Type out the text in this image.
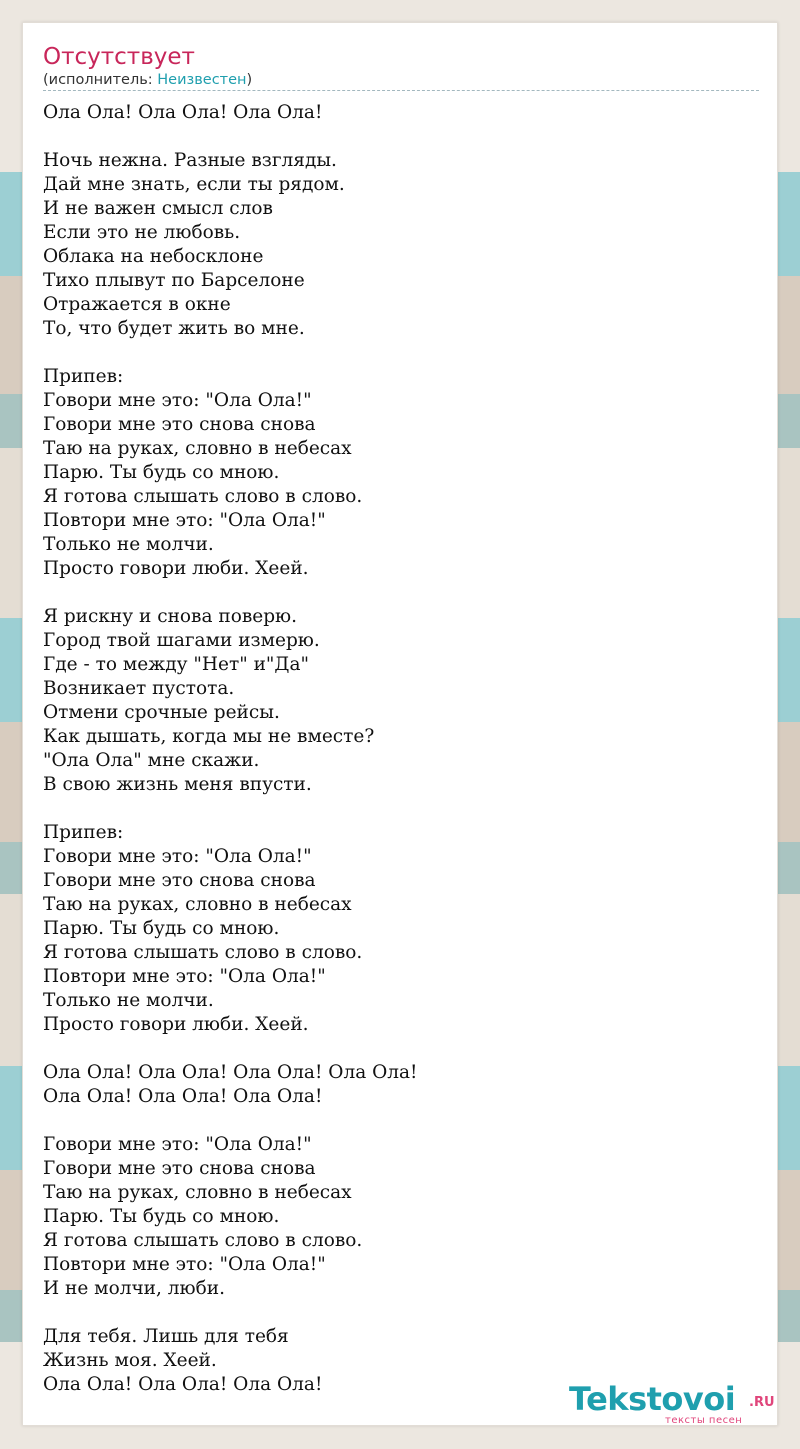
Отсутствует
(исполнитель: Неизвестен)
Ола Ола! Ола Ола! Ола Ола!

Ночь нежна. Разные взгляды.
Дай мне знать, если ты рядом.
И не важен смысл слов
Если это не любовь.
Облака на небосклоне
Тихо плывут по Барселоне
Отражается в окне
То, что будет жить во мне.

Припев:
Говори мне это: "Ола Ола!"
Говори мне это снова снова
Таю на руках, словно в небесах
Парю. Ты будь со мною.
Я готова слышать слово в слово.
Повтори мне это: "Ола Ола!"
Только не молчи.
Просто говори люби. Хеей.

Я рискну и снова поверю.
Город твой шагами измерю.
Где - то между "Нет" и"Да"
Возникает пустота.
Отмени срочные рейсы.
Как дышать, когда мы не вместе?
"Ола Ола" мне скажи.
В свою жизнь меня впусти.

Припев:
Говори мне это: "Ола Ола!"
Говори мне это снова снова
Таю на руках, словно в небесах
Парю. Ты будь со мною.
Я готова слышать слово в слово.
Повтори мне это: "Ола Ола!"
Только не молчи.
Просто говори люби. Хеей.

Ола Ола! Ола Ола! Ола Ола! Ола Ола!
Ола Ола! Ола Ола! Ола Ола!

Говори мне это: "Ола Ола!"
Говори мне это снова снова
Таю на руках, словно в небесах
Парю. Ты будь со мною.
Я готова слышать слово в слово.
Повтори мне это: "Ола Ола!"
И не молчи, люби.

Для тебя. Лишь для тебя
Жизнь моя. Хеей.
Ола Ола! Ола Ола! Ола Ола!	Tekstovoi .RU
тексты песен
